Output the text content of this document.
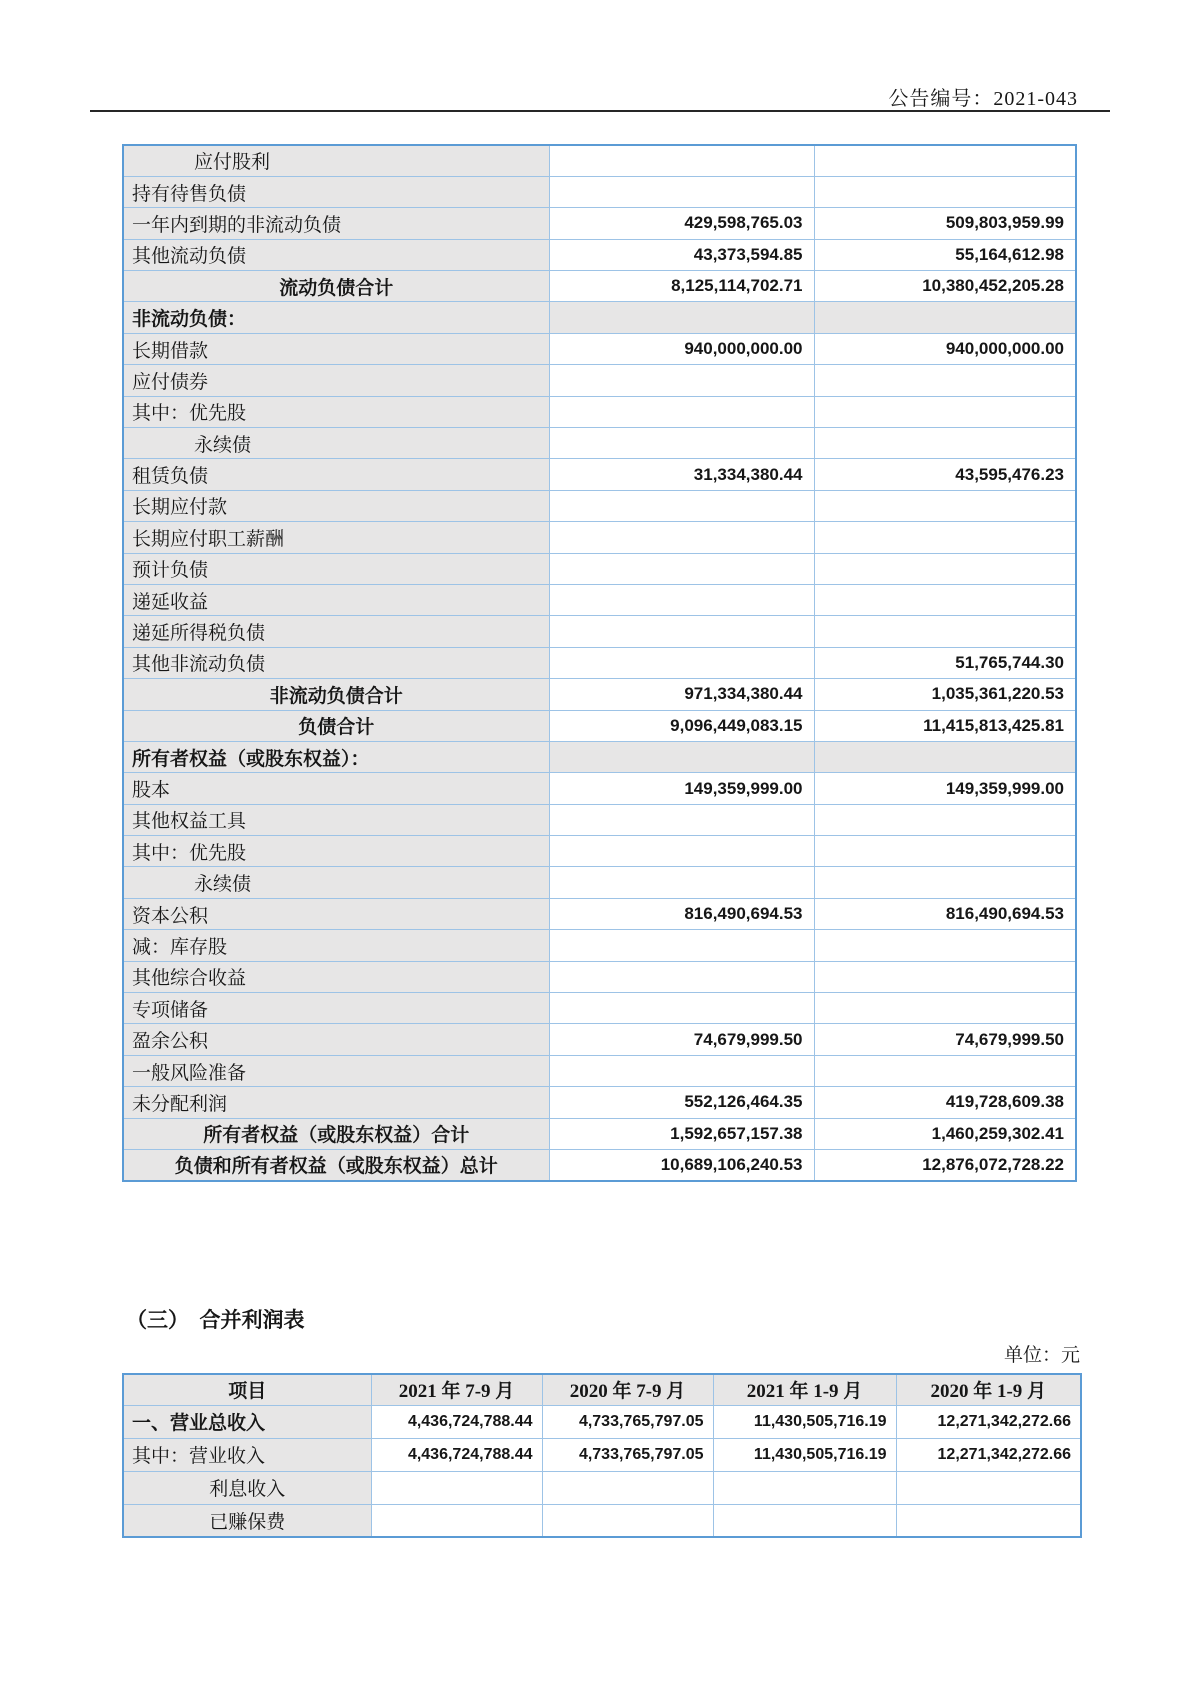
公告编号：2021-043
应付股利		
持有待售负债		
一年内到期的非流动负债	429,598,765.03	509,803,959.99
其他流动负债	43,373,594.85	55,164,612.98
流动负债合计	8,125,114,702.71	10,380,452,205.28
非流动负债：		
长期借款	940,000,000.00	940,000,000.00
应付债券		
其中：优先股		
永续债		
租赁负债	31,334,380.44	43,595,476.23
长期应付款		
长期应付职工薪酬		
预计负债		
递延收益		
递延所得税负债		
其他非流动负债		51,765,744.30
非流动负债合计	971,334,380.44	1,035,361,220.53
负债合计	9,096,449,083.15	11,415,813,425.81
所有者权益（或股东权益）：		
股本	149,359,999.00	149,359,999.00
其他权益工具		
其中：优先股		
永续债		
资本公积	816,490,694.53	816,490,694.53
减：库存股		
其他综合收益		
专项储备		
盈余公积	74,679,999.50	74,679,999.50
一般风险准备		
未分配利润	552,126,464.35	419,728,609.38
所有者权益（或股东权益）合计	1,592,657,157.38	1,460,259,302.41
负债和所有者权益（或股东权益）总计	10,689,106,240.53	12,876,072,728.22
（三）　合并利润表
单位：元
项目	2021 年 7-9 月	2020 年 7-9 月	2021 年 1-9 月	2020 年 1-9 月
一、营业总收入	4,436,724,788.44	4,733,765,797.05	11,430,505,716.19	12,271,342,272.66
其中：营业收入	4,436,724,788.44	4,733,765,797.05	11,430,505,716.19	12,271,342,272.66
利息收入				
已赚保费				
